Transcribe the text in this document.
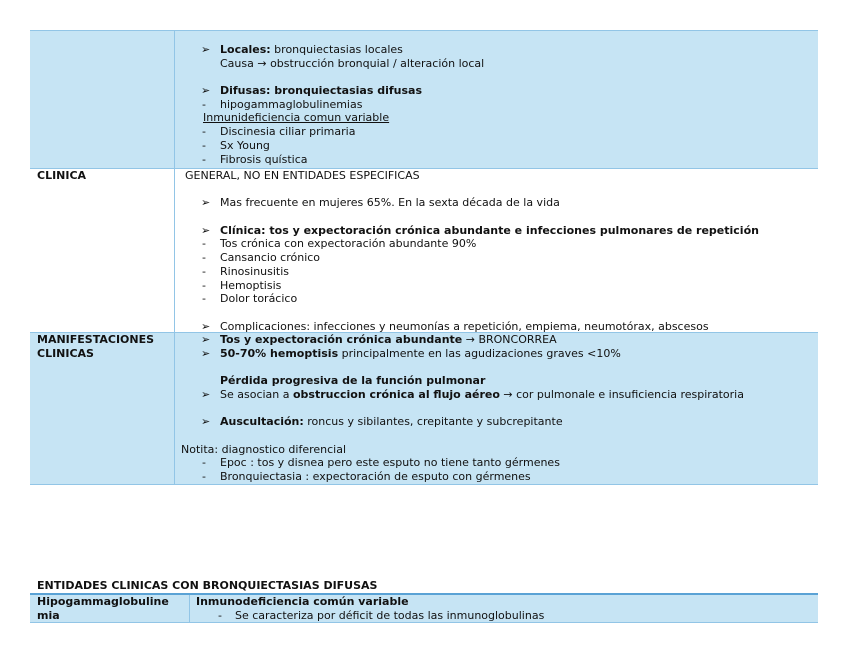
➢ Locales: bronquiectasias locales
Causa → obstrucción bronquial / alteración local
➢ Difusas: bronquiectasias difusas
- hipogammaglobulinemias
Inmunideficiencia comun variable
- Discinesia ciliar primaria
- Sx Young
- Fibrosis quística
CLINICA	GENERAL, NO EN ENTIDADES ESPECIFICAS
➢ Mas frecuente en mujeres 65%. En la sexta década de la vida
➢ Clínica: tos y expectoración crónica abundante e infecciones pulmonares de repetición
- Tos crónica con expectoración abundante 90%
- Cansancio crónico
- Rinosinusitis
- Hemoptisis
- Dolor torácico
➢ Complicaciones: infecciones y neumonías a repetición, empiema, neumotórax, abscesos
MANIFESTACIONES
CLINICAS
➢ Tos y expectoración crónica abundante → BRONCORREA
➢ 50-70% hemoptisis principalmente en las agudizaciones graves <10%
Pérdida progresiva de la función pulmonar
➢ Se asocian a obstruccion crónica al flujo aéreo → cor pulmonale e insuficiencia respiratoria
➢ Auscultación: roncus y sibilantes, crepitante y subcrepitante
Notita: diagnostico diferencial
- Epoc : tos y disnea pero este esputo no tiene tanto gérmenes
- Bronquiectasia : expectoración de esputo con gérmenes
ENTIDADES CLINICAS CON BRONQUIECTASIAS DIFUSAS
Hipogammaglobuline
mia
Inmunodeficiencia común variable
- Se caracteriza por déficit de todas las inmunoglobulinas
